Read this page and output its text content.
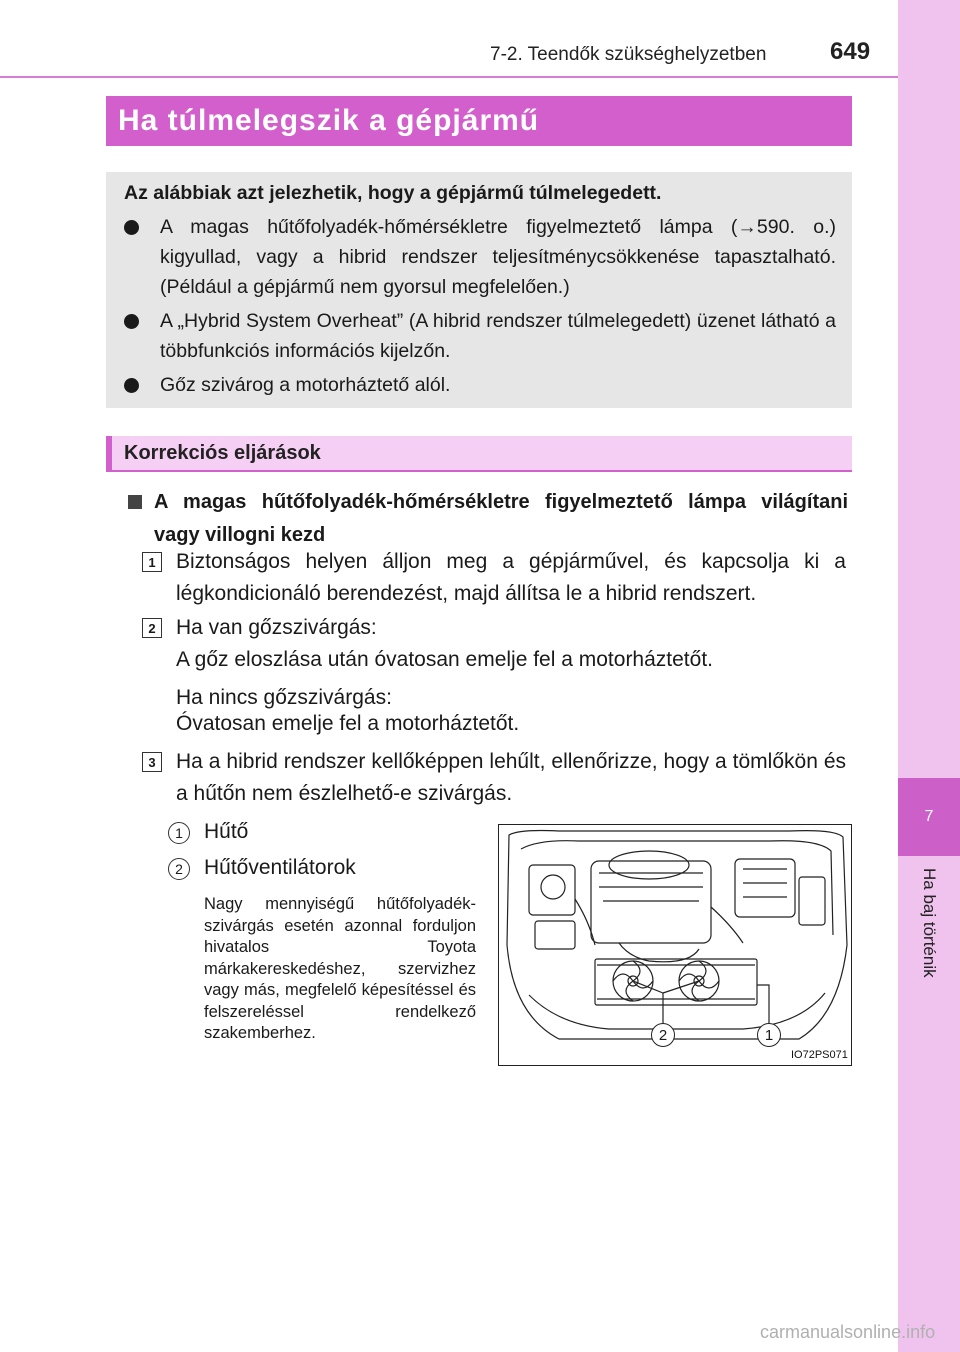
7-2. Teendők szükséghelyzetben	649
7
Ha baj történik
Ha túlmelegszik a gépjármű
Az alábbiak azt jelezhetik, hogy a gépjármű túlmelegedett.
A magas hűtőfolyadék-hőmérsékletre figyelmeztető lámpa (→590. o.) kigyullad, vagy a hibrid rendszer teljesítménycsökkenése tapasztalható. (Például a gépjármű nem gyorsul megfelelően.)
A „Hybrid System Overheat” (A hibrid rendszer túlmelegedett) üzenet látható a többfunkciós információs kijelzőn.
Gőz szivárog a motorháztető alól.
Korrekciós eljárások
A magas hűtőfolyadék-hőmérsékletre figyelmeztető lámpa világítani vagy villogni kezd
1 Biztonságos helyen álljon meg a gépjárművel, és kapcsolja ki a légkondicionáló berendezést, majd állítsa le a hibrid rendszert.
2 Ha van gőzszivárgás:
A gőz eloszlása után óvatosan emelje fel a motorháztetőt.
Ha nincs gőzszivárgás:
Óvatosan emelje fel a motorháztetőt.
3 Ha a hibrid rendszer kellőképpen lehűlt, ellenőrizze, hogy a tömlőkön és a hűtőn nem észlelhető-e szivárgás.
1	Hűtő
2	Hűtőventilátorok
Nagy mennyiségű hűtőfolyadék-szivárgás esetén azonnal forduljon hivatalos Toyota márkakereskedéshez, szervizhez vagy más, megfelelő képesítéssel és felszereléssel rendelkező szakemberhez.	2	1
IO72PS071
carmanualsonline.info
